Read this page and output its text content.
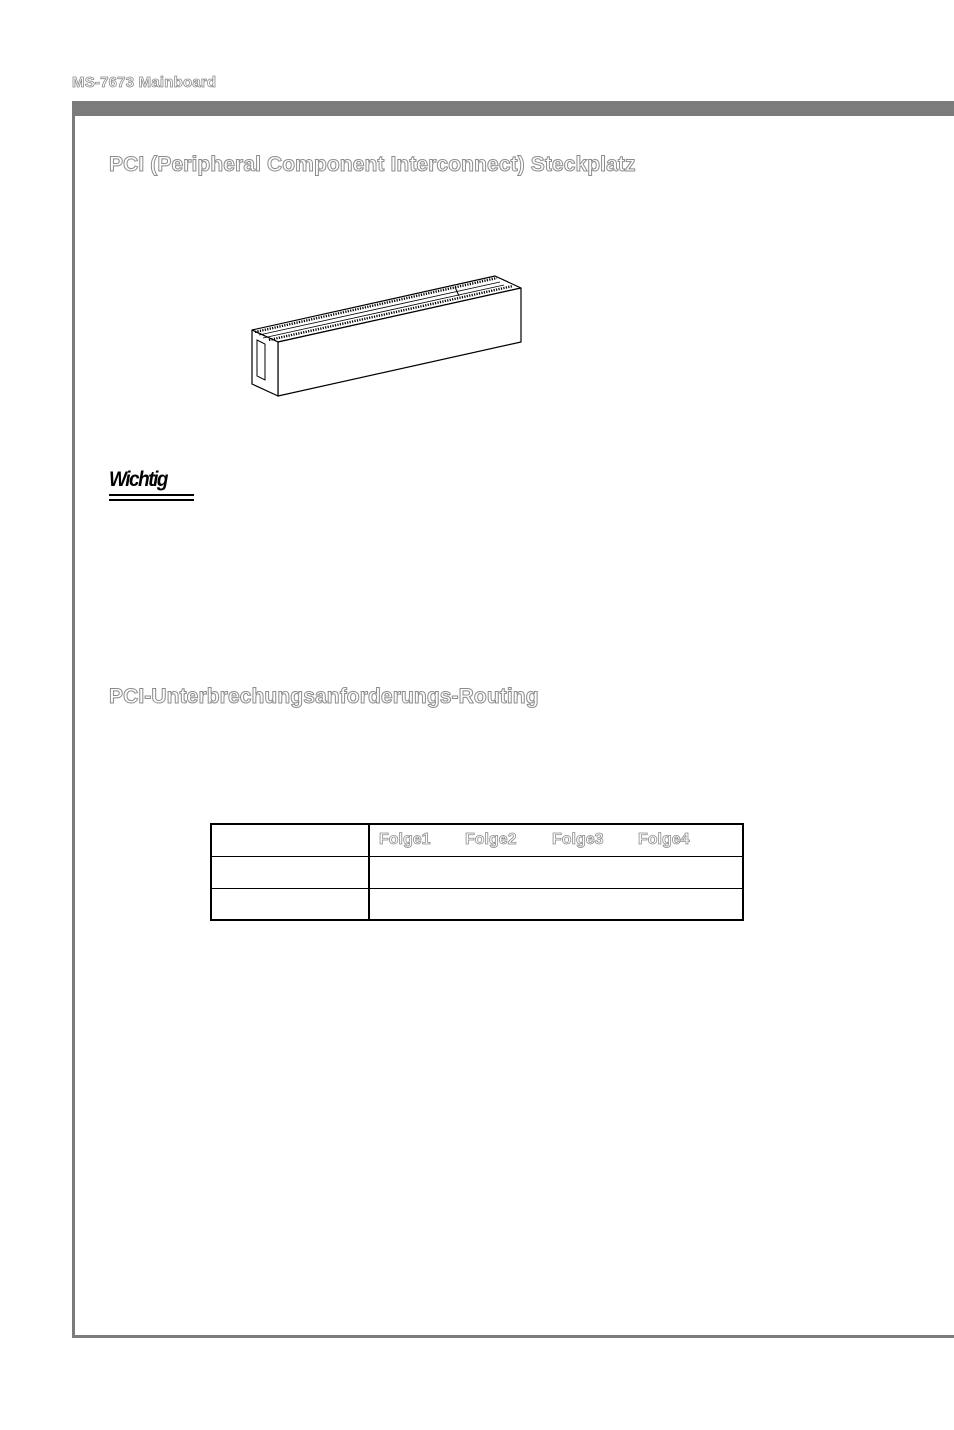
MS-7673 Mainboard
PCI (Peripheral Component Interconnect) Steckplatz
Wichtig
PCI-Unterbrechungsanforderungs-Routing
Folge1 Folge2 Folge3 Folge4
